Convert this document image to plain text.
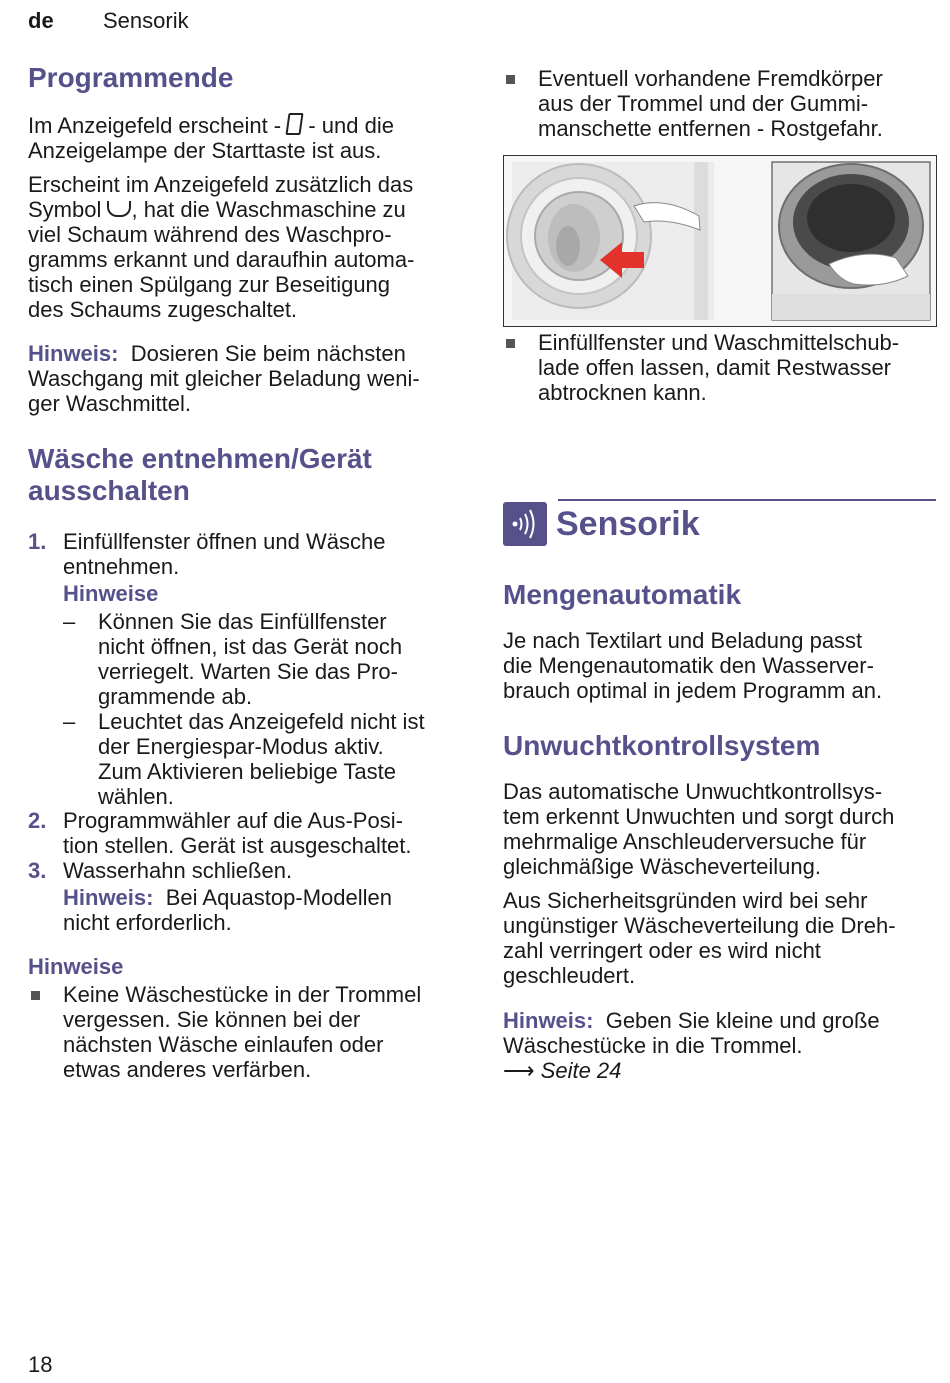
de Sensorik
Programmende

Im Anzeigefeld erscheint -  - und die

Anzeigelampe der Starttaste ist aus.

Erscheint im Anzeigefeld zusätzlich das

Symbol , hat die Waschmaschine zu

viel Schaum während des Waschpro-

gramms erkannt und daraufhin automa-

tisch einen Spülgang zur Beseitigung

des Schaums zugeschaltet.

Hinweis: Dosieren Sie beim nächsten

Waschgang mit gleicher Beladung weni-

ger Waschmittel.

Wäsche entnehmen/Gerät
ausschalten
1. Einfüllfenster öffnen und Wäsche
entnehmen.
Hinweise
– Können Sie das Einfüllfenster
nicht öffnen, ist das Gerät noch
verriegelt. Warten Sie das Pro-
grammende ab.
– Leuchtet das Anzeigefeld nicht ist
der Energiespar-Modus aktiv.
Zum Aktivieren beliebige Taste
wählen.
2. Programmwähler auf die Aus-Posi-
tion stellen. Gerät ist ausgeschaltet.
3. Wasserhahn schließen.
Hinweis: Bei Aquastop-Modellen
nicht erforderlich.
Hinweise
Keine Wäschestücke in der Trommel
vergessen. Sie können bei der
nächsten Wäsche einlaufen oder
etwas anderes verfärben.
Eventuell vorhandene Fremdkörper
aus der Trommel und der Gummi-
manschette entfernen - Rostgefahr.
Einfüllfenster und Waschmittelschub-
lade offen lassen, damit Restwasser
abtrocknen kann.
Mengenautomatik

Je nach Textilart und Beladung passt

die Mengenautomatik den Wasserver-

brauch optimal in jedem Programm an.

Unwuchtkontrollsystem

Das automatische Unwuchtkontrollsys-

tem erkennt Unwuchten und sorgt durch

mehrmalige Anschleuderversuche für

gleichmäßige Wäscheverteilung.

Aus Sicherheitsgründen wird bei sehr

ungünstiger Wäscheverteilung die Dreh-

zahl verringert oder es wird nicht

geschleudert.

Hinweis: Geben Sie kleine und große

Wäschestücke in die Trommel.

⟶ Seite 24

Sensorik
18
